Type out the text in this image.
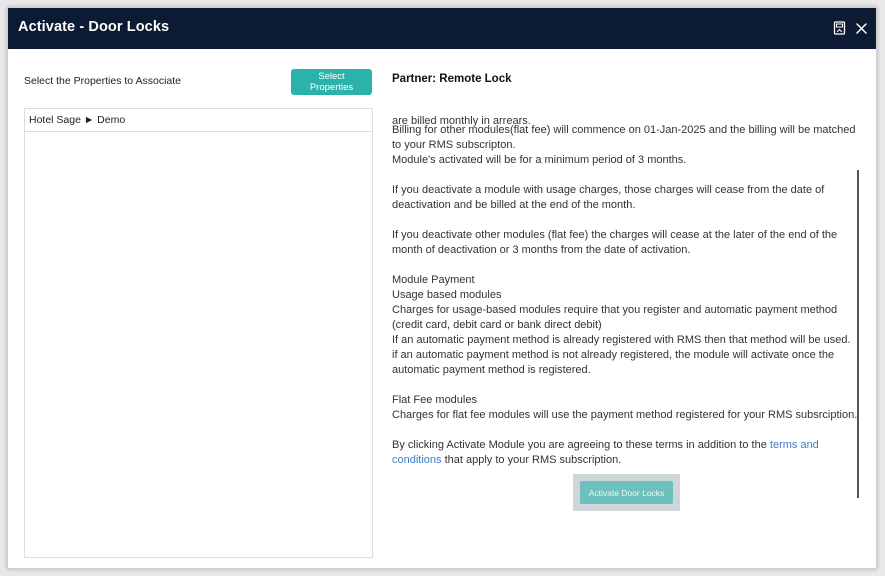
Activate - Door Locks
Select the Properties to Associate	Select Properties
Hotel Sage ► Demo
Partner: Remote Lock
are billed monthly in arrears.

Billing for other modules(flat fee) will commence on 01-Jan-2025 and the billing will be matched
to your RMS subscripton.
Module's activated will be for a minimum period of 3 months.

If you deactivate a module with usage charges, those charges will cease from the date of
deactivation and be billed at the end of the month.

If you deactivate other modules (flat fee) the charges will cease at the later of the end of the
month of deactivation or 3 months from the date of activation.

Module Payment
Usage based modules
Charges for usage-based modules require that you register and automatic payment method
(credit card, debit card or bank direct debit)
If an automatic payment method is already registered with RMS then that method will be used.
if an automatic payment method is not already registered, the module will activate once the
automatic payment method is registered.

Flat Fee modules
Charges for flat fee modules will use the payment method registered for your RMS subsrciption.

By clicking Activate Module you are agreeing to these terms in addition to the terms and
conditions that apply to your RMS subscription.

Activate Door Locks
